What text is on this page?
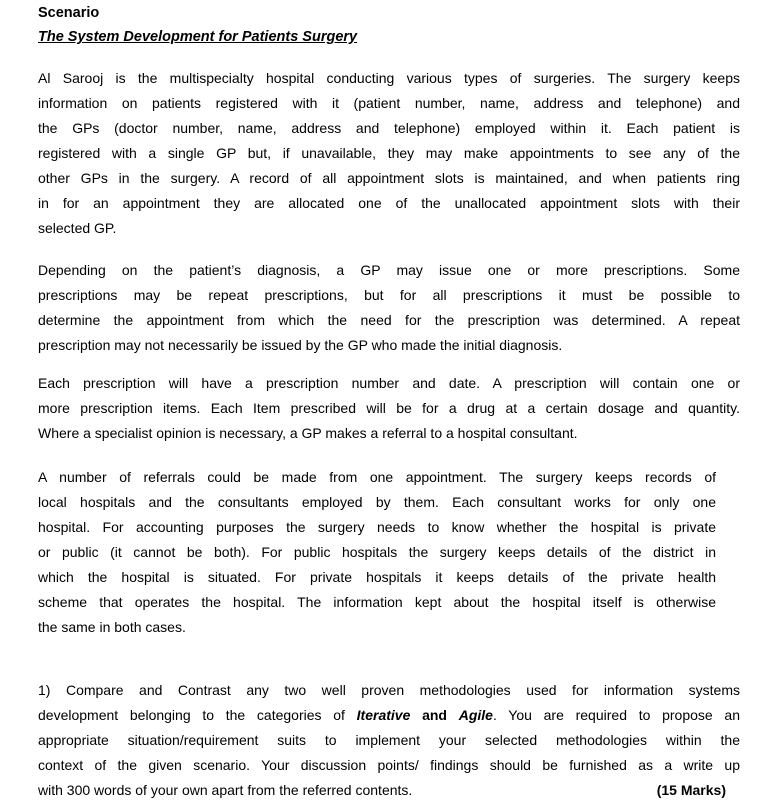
Scenario
The System Development for Patients Surgery
Al Sarooj is the multispecialty hospital conducting various types of surgeries. The surgery keeps
information on patients registered with it (patient number, name, address and telephone) and
the GPs (doctor number, name, address and telephone) employed within it. Each patient is
registered with a single GP but, if unavailable, they may make appointments to see any of the
other GPs in the surgery. A record of all appointment slots is maintained, and when patients ring
in for an appointment they are allocated one of the unallocated appointment slots with their
selected GP.
Depending on the patient’s diagnosis, a GP may issue one or more prescriptions. Some
prescriptions may be repeat prescriptions, but for all prescriptions it must be possible to
determine the appointment from which the need for the prescription was determined. A repeat
prescription may not necessarily be issued by the GP who made the initial diagnosis.
Each prescription will have a prescription number and date. A prescription will contain one or
more prescription items. Each Item prescribed will be for a drug at a certain dosage and quantity.
Where a specialist opinion is necessary, a GP makes a referral to a hospital consultant.
A number of referrals could be made from one appointment. The surgery keeps records of
local hospitals and the consultants employed by them. Each consultant works for only one
hospital. For accounting purposes the surgery needs to know whether the hospital is private
or public (it cannot be both). For public hospitals the surgery keeps details of the district in
which the hospital is situated. For private hospitals it keeps details of the private health
scheme that operates the hospital. The information kept about the hospital itself is otherwise
the same in both cases.
1) Compare and Contrast any two well proven methodologies used for information systems
development belonging to the categories of Iterative and Agile. You are required to propose an
appropriate situation/requirement suits to implement your selected methodologies within the
context of the given scenario. Your discussion points/ findings should be furnished as a write up
with 300 words of your own apart from the referred contents.	(15 Marks)
